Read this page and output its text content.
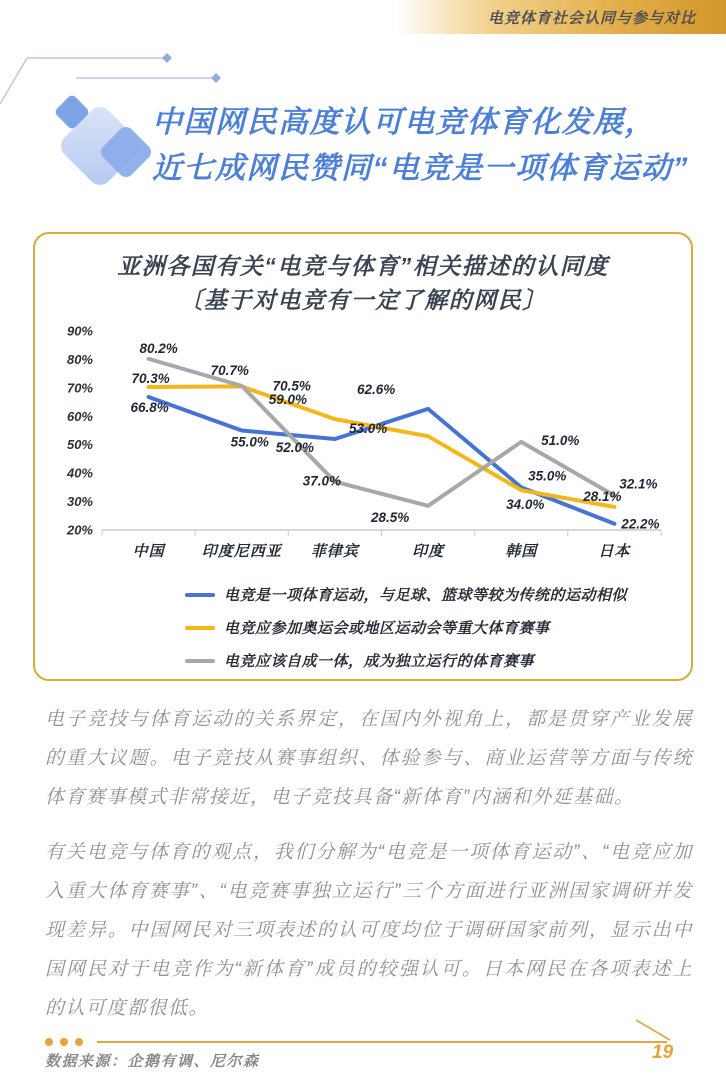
电竞体育社会认同与参与对比
中国网民高度认可电竞体育化发展，
近七成网民赞同“电竞是一项体育运动”
亚洲各国有关“电竞与体育”相关描述的认同度
〔基于对电竞有一定了解的网民〕
90%
80%
70%
60%
50%
40%
30%
20%
中国 印度尼西亚 菲律宾	印度	韩国	日本
66.8%
55.0% 52.0%
62.6%
35.0%
22.2%
70.3%	70.5%
59.0%
53.0%
34.0%
28.1%
80.2%
70.7%
37.0%
28.5%
51.0%
32.1%
电竞是一项体育运动，与足球、篮球等较为传统的运动相似
电竞应参加奥运会或地区运动会等重大体育赛事
电竞应该自成一体，成为独立运行的体育赛事

电子竞技与体育运动的关系界定，在国内外视角上，都是贯穿产业发展的重大议题。电子竞技从赛事组织、体验参与、商业运营等方面与传统体育赛事模式非常接近，电子竞技具备“新体育”内涵和外延基础。

有关电竞与体育的观点，我们分解为“电竞是一项体育运动”、“电竞应加入重大体育赛事”、“电竞赛事独立运行”三个方面进行亚洲国家调研并发现差异。中国网民对三项表述的认可度均位于调研国家前列，显示出中国网民对于电竞作为“新体育”成员的较强认可。日本网民在各项表述上的认可度都很低。

数据来源：企鹅有调、尼尔森	19
